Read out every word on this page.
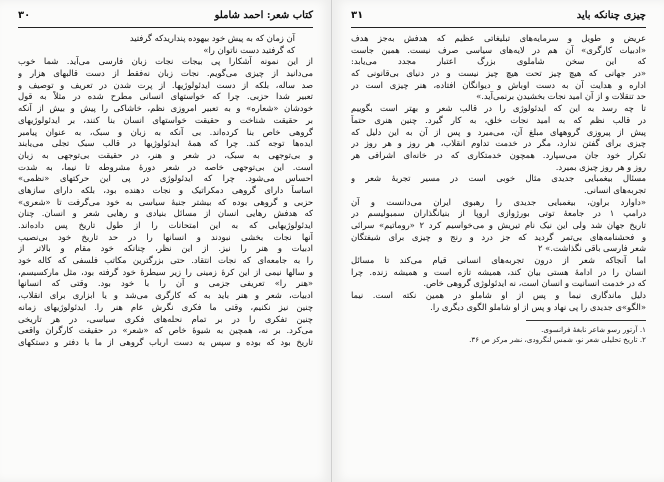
کتاب شعر: احمد شاملو
۳۰
آن زمان که به پیش خود بیهوده پنداریدکه گرفتید
که گرفتید دست ناتوان را»
از این نمونه آشکارا پی بیجات نجات زبان فارسی می‌آید. شما خوب
می‌دانید از چیزی می‌گویم. نجات زبان نه‌فقط از دست قالبهای هزار و
صد ساله، بلکه از دست ایدئولوژیها. از پرت شدن در تعریف و توصیف و
تعبیر شدا حزبی. چرا که خواستهای انسانی مطرح شده در مثلاً به قول
خودشان «شعاره» و به تعبیر امروزی نظم، خاشاکی را پیش و بیش از آنکه
بر حقیقت شناخت و حقیقت خواستهای انسان بنا کنند، بر ایدئولوژیهای
گروهی خاص بنا کرده‌اند. بی آنکه به زبان و سبک، به عنوان پیامبر
ایده‌ها توجه کند. چرا که همهٔ ایدئولوژیها در قالب سبک تجلی می‌یابند
و بی‌توجهی به سبک، در شعر و هنر، در حقیقت بی‌توجهی به زبان
است. این بی‌توجهی خاصه در شعر دورهٔ مشروطه تا نیما، به شدت
احساس می‌شود. چرا که ایدئولوژی در پی این حرکتهای «نظمی»
اساساً دارای گروهی دمکراتیک و نجات دهنده بود، بلکه دارای سازهای
حزبی و گروهی بوده که بیشتر جنبهٔ سیاسی به خود می‌گرفت تا «شعری»
که هدفش رهایی انسان از مسائل بنیادی و رهایی شعر و انسان. چنان
ایدئولوژیهایی که به این امتحانات را از طول تاریخ پس داده‌اند.
آنها نجات بخشی نبودند و انسانها را در حد تاریخ خود بی‌نصیب
ادبیات و هنر را نیز. از این نظر، چنانکه خود مقام و بالاتر از
را به جامعه‌ای که نجات انتقاد. حتی بزرگترین مکاتب فلسفی که کاله خود
و سالها نیمی از این کرهٔ زمینی را زیر سیطرهٔ خود گرفته بود، مثل مارکسیسم،
«هنر را» تعریفی جزمی و آن را با خود بود. وقتی که انسانها
ادبیات، شعر و هنر باید به که کارگری می‌شد و یا ابزاری برای انقلاب،
چنین نیز نکنیم، وقتی ما فکری نگرش عام هنر را. ایدئولوژیهای زمانه
چنین تفکری را در بر تمام نحله‌های فکری سیاسی، در هر تاریخی
می‌کرد. بر نه، همچین به شیوهٔ خاص که «شعر» در حقیقت کارگران واقعی
تاریخ بود که بوده و سپس به دست ارباب گروهی از ما با دفتر و دستکهای
چیزی چنانکه باید
۳۱
عریض و طویل و سرمایه‌های تبلیغاتی عظیم که هدفش به‌جز هدف
«ادبیات کارگری» آن هم در لایه‌های سیاسی صرف نیست. همین جاست
که این سخن شاملوی بزرگ اعتبار مجدد می‌یابد:
«در جهانی که هیچ چیز تحت هیچ چیز نیست و در دنیای بی‌قانونی که
اداره و هدایت آن به دست اوباش و دیوانگان افتاده، هنر چیزی است در
حد تنقلات و از آن امید نجات بخشیدن برنمی‌آید.»
تا چه رسد به این که ایدئولوژی را در قالب شعر و بهتر است بگوییم
در قالب نظم که به امید نجات خلق، به کار گیرد. چنین هنری حتماً
پیش از پیروزی گروههای مبلغ آن، می‌میرد و پس از آن به این دلیل که
چیزی برای گفتن ندارد، مگر در خدمت تداوم انقلاب، هر روز و هر روز در
تکرار خود جان می‌سپارد. همچون خدمتکاری که در خانه‌ای اشرافی هر
روز و هر روز چیزی بمیرد.
مسئال بیغمبایی جدیدی مثال خوبی است در مسیر تجربهٔ شعر و
تجربه‌های انسانی.
«داوارد براون، بیغمبایی جدیدی را رهبوی ایران می‌دانست و آن
درامپ ۱ در جامعهٔ توتی بورژوازی اروپا از بنیانگذاران سمبولیسم در
تاریخ جهان شد ولی این نیک نام تیریش و می‌خواسیم کرد ۲ «روماتیم» سرائی
و فحشنامه‌های بی‌تمر گردید که جز درد و رنج و چیزی برای شیفتگان
شعر فارسی باقی نگذاشت.» ۲
اما آنجاکه شعر از درون تجربه‌های انسانی قیام می‌کند تا مسائل
انسان را در ادامهٔ هستی بیان کند، همیشه تازه است و همیشه زنده. چرا
که در خدمت انسانیت و انسان است، نه ایدئولوژی گروهی خاص.
دلیل ماندگاری نیما و پس از او شاملو در همین نکته است. نیما
«الگو»ی جدیدی را پی نهاد و پس از او شاملو الگوی دیگری را.
۱. آرتور رسو شاعر نابغهٔ فرانسوی.
۲. تاریخ تحلیلی شعر نو، شمس لنگرودی، نشر مرکز ص ۳۶.
